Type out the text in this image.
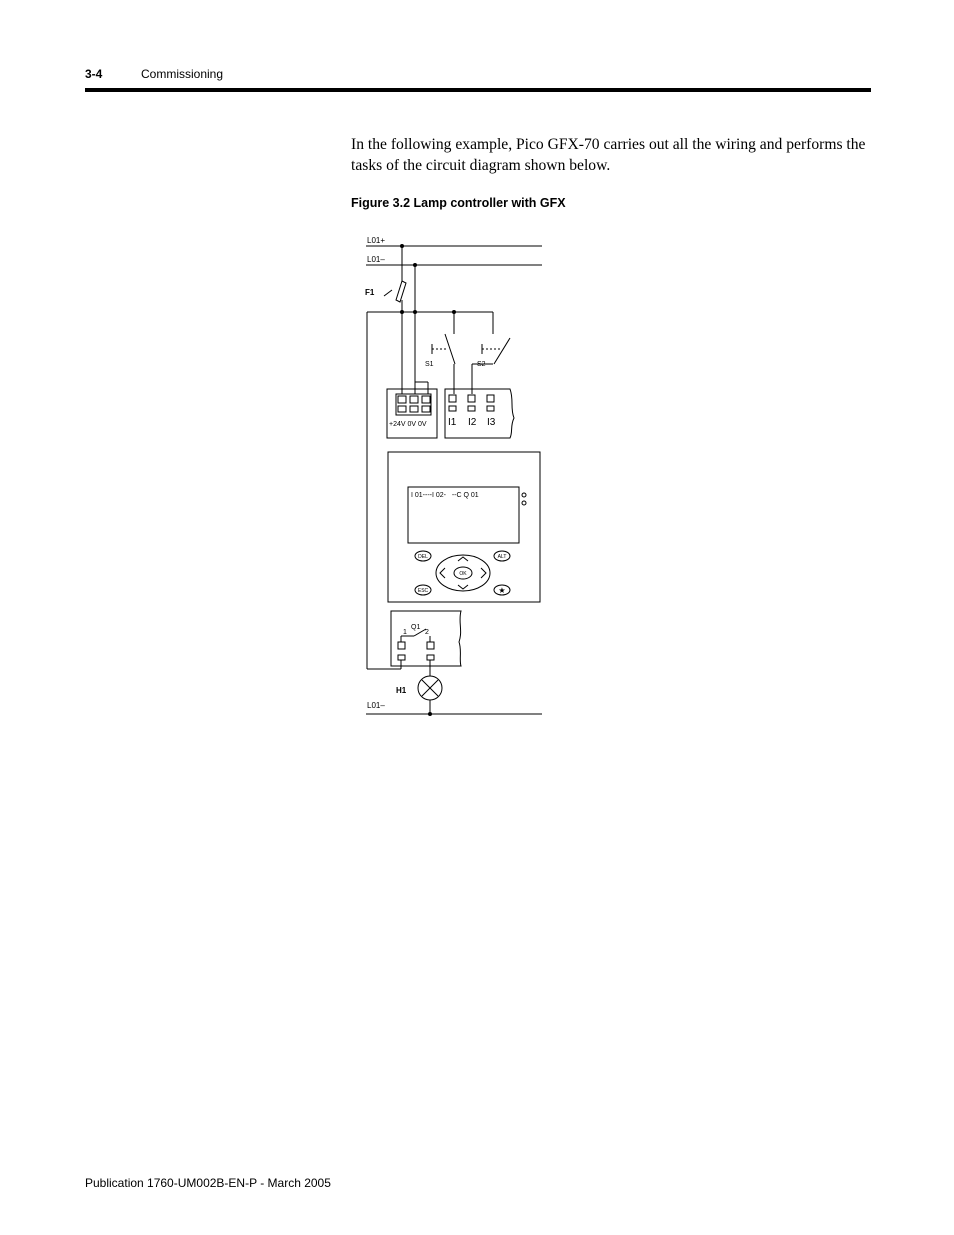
3-4	Commissioning
In the following example, Pico GFX-70 carries out all the wiring and performs the tasks of the circuit diagram shown below.
Figure 3.2 Lamp controller with GFX
L01+
L01–
F1
S1	S2
+24V 0V 0V I1 I2 I3
I 01----I 02-   --C Q 01
DEL	ALT
ESC	★
OK
Q1
1	2
H1
L01–
Publication 1760-UM002B-EN-P - March 2005
